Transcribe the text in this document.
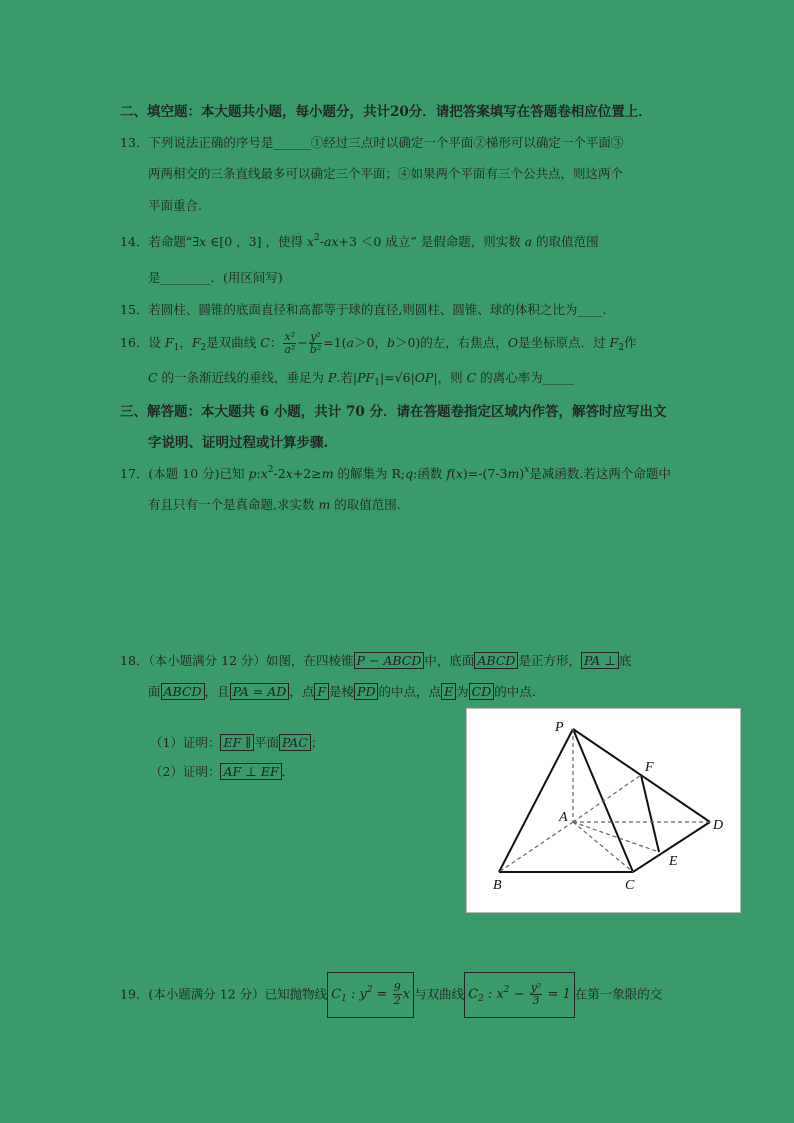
二、填空题：本大题共小题，每小题分，共计20分．请把答案填写在答题卷相应位置上．
13．下列说法正确的序号是______①经过三点时以确定一个平面②梯形可以确定一个平面③
两两相交的三条直线最多可以确定三个平面；④如果两个平面有三个公共点，则这两个
平面重合.
14．若命题“∃x ∈[0 ，3] ，使得 $x^2-ax+3 <0$ 成立” 是假命题，则实数 a 的取值范围
是________．(用区间写)
15．若圆柱、圆锥的底面直径和高都等于球的直径,则圆柱、圆锥、球的体积之比为____.
16．设 $F_1$，$F_2$是双曲线 C： $\frac{\text{x²}}{\text{a²}} - \frac{\text{y²}}{\text{b²}} =1(a>0$，b＞0)的左，右焦点，O是坐标原点．过 $F_2$作
C 的一条渐近线的垂线，垂足为 P.若$|PF_1|=√6|OP|$，则 C 的离心率为_____
三、解答题：本大题共 6 小题，共计 70 分．请在答题卷指定区域内作答，解答时应写出文
字说明、证明过程或计算步骤.
17．(本题 10 分)已知 $p:x^2-2x+2\ge m$ 的解集为 R;q:函数 $f(x)=-(7-3m)^x$是减函数.若这两个命题中
有且只有一个是真命题,求实数 m 的取值范围.
18．（本小题满分 12 分）如图，在四棱锥 P − ABCD 中，底面 ABCD 是正方形， PA ⊥ 底
面 ABCD ，且 PA = AD ，点 F 是棱 PD 的中点，点 E 为 CD 的中点．
（1）证明： EF ∥ 平面 PAC ；
（2）证明： AF ⊥ EF ．
P
F
A
D
E
B	C
19．(本小题满分 12 分）已知抛物线 $C_1$ : $y^2 = \frac{9}{2}$ x 与双曲线 $C_2$ : $x^2 - \frac{\text{y²}}{3} = 1$ 在第一象限的交
